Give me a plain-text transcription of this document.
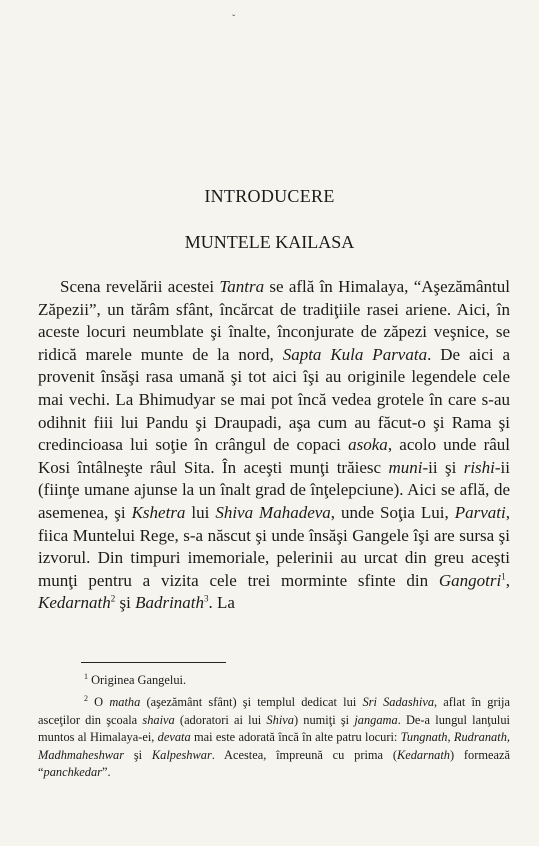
INTRODUCERE
MUNTELE KAILASA

Scena revelării acestei Tantra se află în Himalaya, “Aşezământul Zăpezii”, un tărâm sfânt, încărcat de tradiţiile rasei ariene. Aici, în aceste locuri neumblate şi înalte, înconjurate de zăpezi veşnice, se ridică marele munte de la nord, Sapta Kula Parvata. De aici a provenit însăşi rasa umană şi tot aici îşi au originile legendele cele mai vechi. La Bhimudyar se mai pot încă vedea grotele în care s-au odihnit fiii lui Pandu şi Draupadi, aşa cum au făcut-o şi Rama şi credincioasa lui soţie în crângul de copaci asoka, acolo unde râul Kosi întâlneşte râul Sita. În aceşti munţi trăiesc muni-ii şi rishi-ii (fiinţe umane ajunse la un înalt grad de înţelepciune). Aici se află, de asemenea, şi Kshetra lui Shiva Mahadeva, unde Soţia Lui, Parvati, fiica Muntelui Rege, s-a născut şi unde însăşi Gangele îşi are sursa şi izvorul. Din timpuri imemoriale, pelerinii au urcat din greu aceşti munţi pentru a vizita cele trei morminte sfinte din Gangotri$^1$, Kedarnath$^2$ şi Badrinath$^3$. La

$^1$ Originea Gangelui.

$^2$ O matha (aşezământ sfânt) şi templul dedicat lui Sri Sadashiva, aflat în grija asceţilor din şcoala shaiva (adoratori ai lui Shiva) numiţi şi jangama. De-a lungul lanţului muntos al Himalaya-ei, devata mai este adorată încă în alte patru locuri: Tungnath, Rudranath, Madhmaheshwar şi Kalpeshwar. Acestea, împreună cu prima (Kedarnath) formează “panchkedar”.

ˇ
